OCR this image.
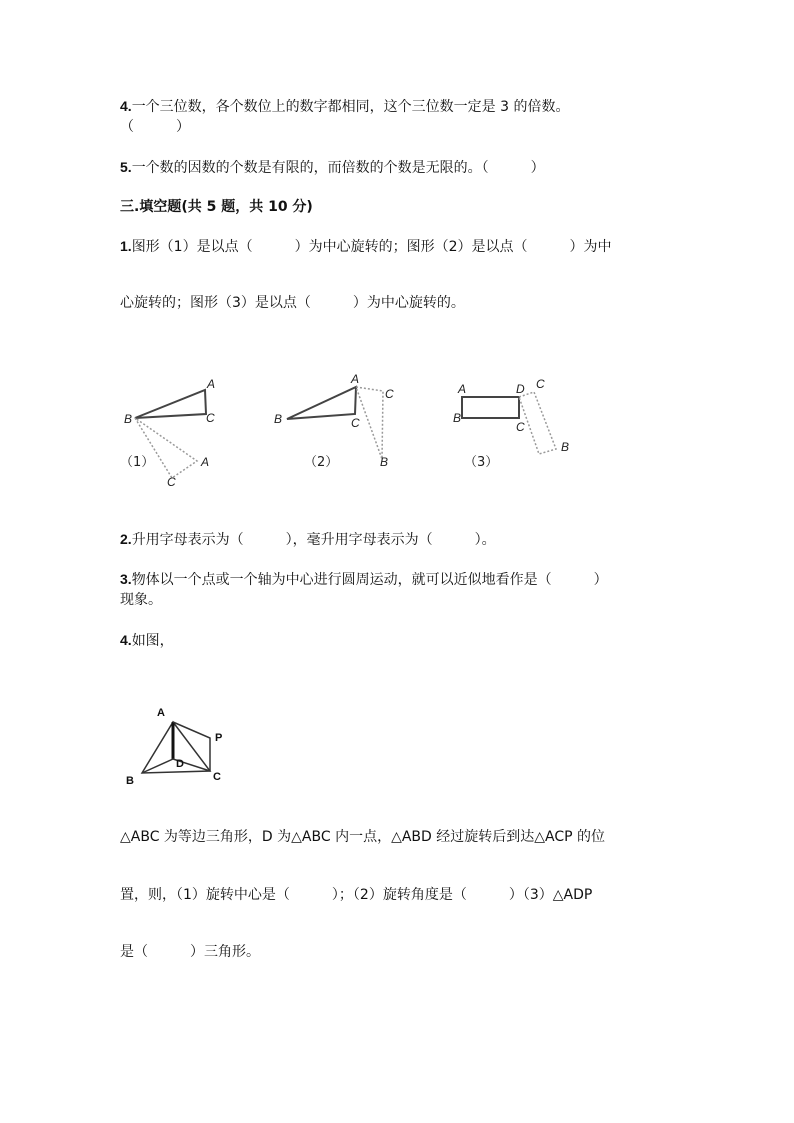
4.一个三位数，各个数位上的数字都相同，这个三位数一定是 3 的倍数。
（　　　）
5.一个数的因数的个数是有限的，而倍数的个数是无限的。（　　　）
三.填空题(共 5 题，共 10 分)
1.图形（1）是以点（　　　）为中心旋转的；图形（2）是以点（　　　）为中
心旋转的；图形（3）是以点（　　　）为中心旋转的。
A
B	C
A
C
（1）
A
B	C
C
B
（2）
A	D
C
B
C
B
（3）
2.升用字母表示为（　　　），毫升用字母表示为（　　　）。
3.物体以一个点或一个轴为中心进行圆周运动，就可以近似地看作是（　　　）
现象。
4.如图，
A
P
D
B	C
△ABC 为等边三角形，D 为△ABC 内一点，△ABD 经过旋转后到达△ACP 的位
置，则，（1）旋转中心是（　　　）；（2）旋转角度是（　　　）（3）△ADP
是（　　　）三角形。
